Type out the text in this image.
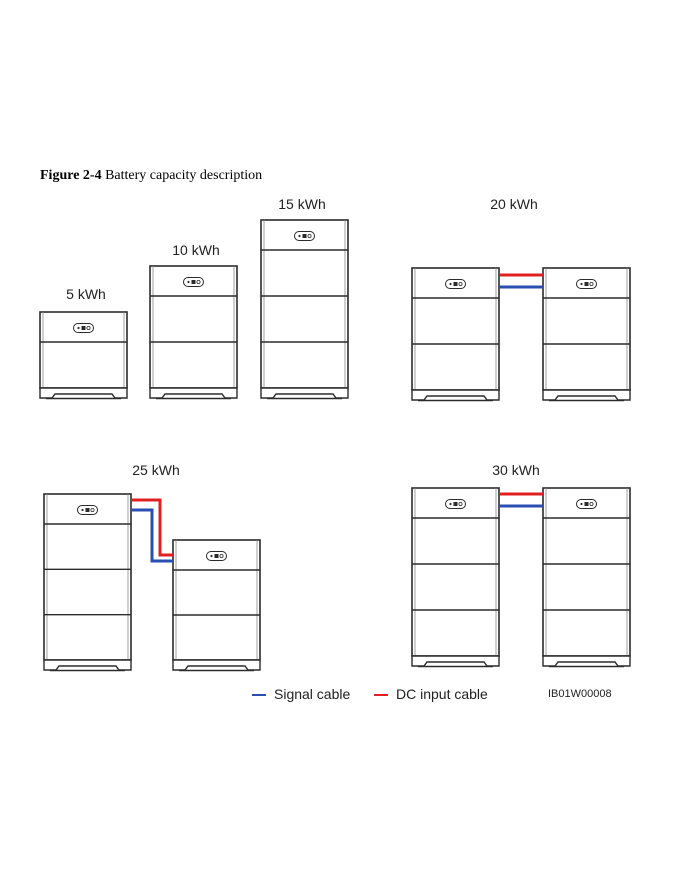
Figure 2-4 Battery capacity description
5 kWh
10 kWh
15 kWh	20 kWh
25 kWh	30 kWh
Signal cable	DC input cable	IB01W00008
